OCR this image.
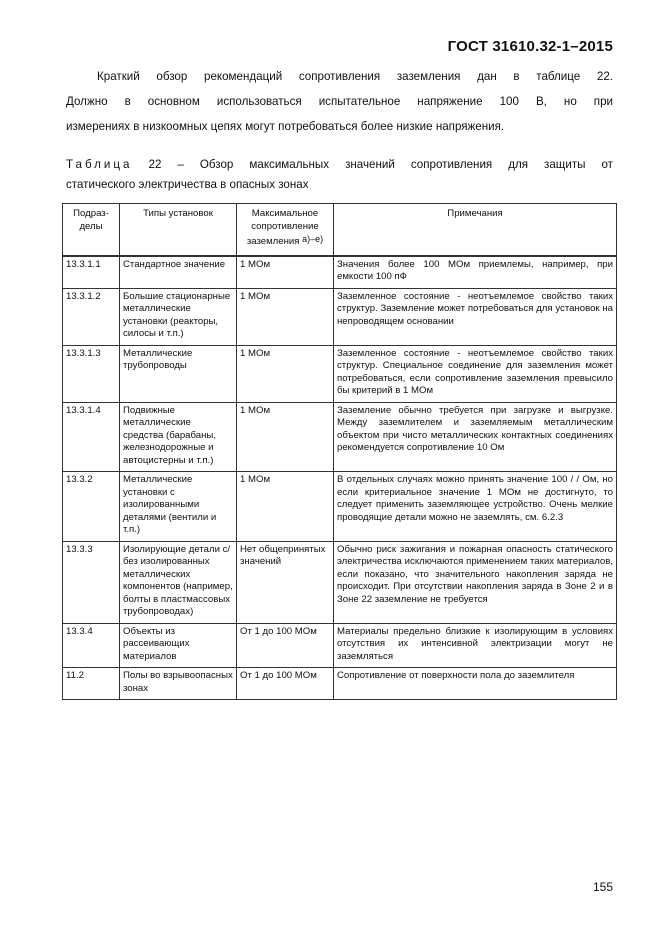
ГОСТ 31610.32-1–2015
Краткий обзор рекомендаций сопротивления заземления дан в таблице 22.
Должно в основном использоваться испытательное напряжение 100 В, но при
измерениях в низкоомных цепях могут потребоваться более низкие напряжения.
Таблица 22 – Обзор максимальных значений сопротивления для защиты от
статического электричества в опасных зонах
Подраз-
делы	Типы установок	Максимальное сопротивление заземления $^{а)-е)}$	Примечания
13.3.1.1	Стандартное значение	1 МОм	Значения более 100 МОм приемлемы, например, при емкости 100 пФ
13.3.1.2	Большие стационарные металлические установки (реакторы, силосы и т.п.)	1 МОм	Заземленное состояние - неотъемлемое свойство таких структур. Заземление может потребоваться для установок на непроводящем основании
13.3.1.3	Металлические трубопроводы	1 МОм	Заземленное состояние - неотъемлемое свойство таких структур. Специальное соединение для заземления может потребоваться, если сопротивление заземления превысило бы критерий в 1 МОм
13.3.1.4	Подвижные металлические средства (барабаны, железнодорожные и автоцистерны и т.п.)	1 МОм	Заземление обычно требуется при загрузке и выгрузке. Между заземлителем и заземляемым металлическим объектом при чисто металлических контактных соединениях рекомендуется сопротивление 10 Ом
13.3.2	Металлические установки с изолированными деталями (вентили и т.п.)	1 МОм	В отдельных случаях можно принять значение 100 / / Ом, но если критериальное значение 1 МОм не достигнуто, то следует применить заземляющее устройство. Очень мелкие проводящие детали можно не заземлять, см. 6.2.3
13.3.3	Изолирующие детали с/без изолированных металлических компонентов (например, болты в пластмассовых трубопроводах)	Нет общепринятых значений	Обычно риск зажигания и пожарная опасность статического электричества исключаются применением таких материалов, если показано, что значительного накопления заряда не происходит. При отсутствии накопления заряда в Зоне 2 и в Зоне 22 заземление не требуется
13.3.4	Объекты из рассеивающих материалов	От 1 до 100 МОм	Материалы предельно близкие к изолирующим в условиях отсутствия их интенсивной электризации могут не заземляться
11.2	Полы во взрывоопасных зонах	От 1 до 100 МОм	Сопротивление от поверхности пола до заземлителя
155
